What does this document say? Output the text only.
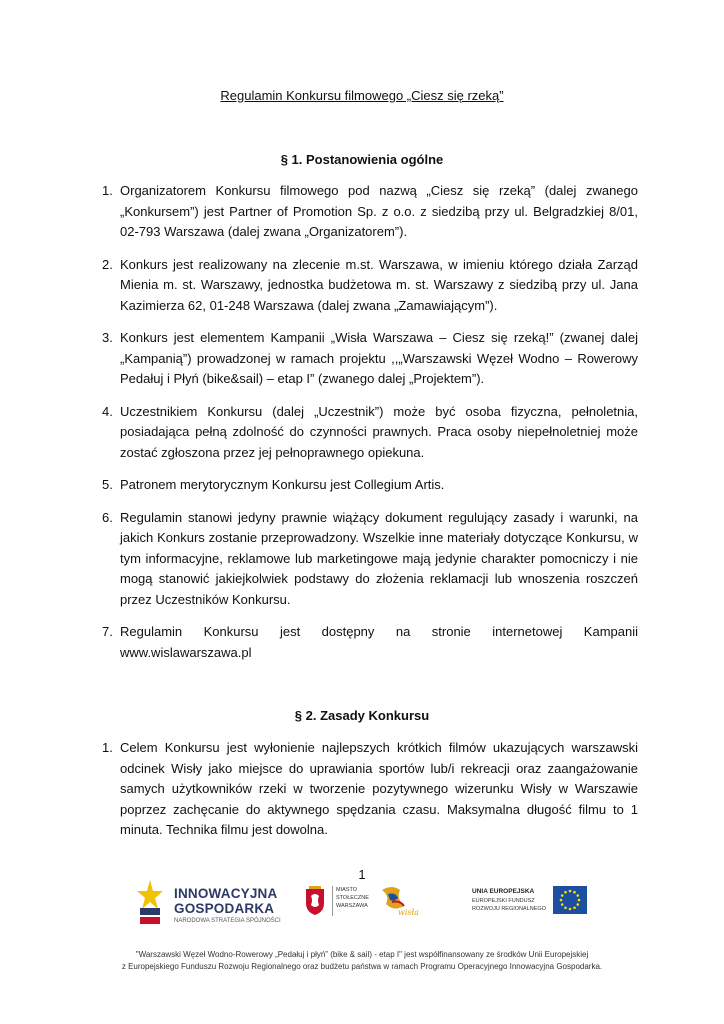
Regulamin Konkursu filmowego „Ciesz się rzeką”
§ 1. Postanowienia ogólne
1. Organizatorem Konkursu filmowego pod nazwą „Ciesz się rzeką” (dalej zwanego „Konkursem”) jest Partner of Promotion Sp. z o.o. z siedzibą przy ul. Belgradzkiej 8/01, 02-793 Warszawa (dalej zwana „Organizatorem”).
2. Konkurs jest realizowany na zlecenie m.st. Warszawa, w imieniu którego działa Zarząd Mienia m. st. Warszawy, jednostka budżetowa m. st. Warszawy z siedzibą przy ul. Jana Kazimierza 62, 01-248 Warszawa (dalej zwana „Zamawiającym”).
3. Konkurs jest elementem Kampanii „Wisła Warszawa – Ciesz się rzeką!” (zwanej dalej „Kampanią”) prowadzonej w ramach projektu ,,„Warszawski Węzeł Wodno – Rowerowy Pedałuj i Płyń (bike&sail) – etap I” (zwanego dalej „Projektem”).
4. Uczestnikiem Konkursu (dalej „Uczestnik”) może być osoba fizyczna, pełnoletnia, posiadająca pełną zdolność do czynności prawnych. Praca osoby niepełnoletniej może zostać zgłoszona przez jej pełnoprawnego opiekuna.
5. Patronem merytorycznym Konkursu jest Collegium Artis.
6. Regulamin stanowi jedyny prawnie wiążący dokument regulujący zasady i warunki, na jakich Konkurs zostanie przeprowadzony. Wszelkie inne materiały dotyczące Konkursu, w tym informacyjne, reklamowe lub marketingowe mają jedynie charakter pomocniczy i nie mogą stanowić jakiejkolwiek podstawy do złożenia reklamacji lub wnoszenia roszczeń przez Uczestników Konkursu.
7. Regulamin Konkursu jest dostępny na stronie internetowej Kampanii www.wislawarszawa.pl
§ 2. Zasady Konkursu
1. Celem Konkursu jest wyłonienie najlepszych krótkich filmów ukazujących warszawski odcinek Wisły jako miejsce do uprawiania sportów lub/i rekreacji oraz zaangażowanie samych użytkowników rzeki w tworzenie pozytywnego wizerunku Wisły w Warszawie poprzez zachęcanie do aktywnego spędzania czasu. Maksymalna długość filmu to 1 minuta. Technika filmu jest dowolna.
1
INNOWACYJNA
GOSPODARKA
NARODOWA STRATEGIA SPÓJNOŚCI
MIASTO
STOŁECZNE
WARSZAWA
wisła
UNIA EUROPEJSKA
EUROPEJSKI FUNDUSZ
ROZWOJU REGIONALNEGO
"Warszawski Węzeł Wodno-Rowerowy „Pedałuj i płyń” (bike & sail) - etap I" jest współfinansowany ze środków Unii Europejskiej
z Europejskiego Funduszu Rozwoju Regionalnego oraz budżetu państwa w ramach Programu Operacyjnego Innowacyjna Gospodarka.
